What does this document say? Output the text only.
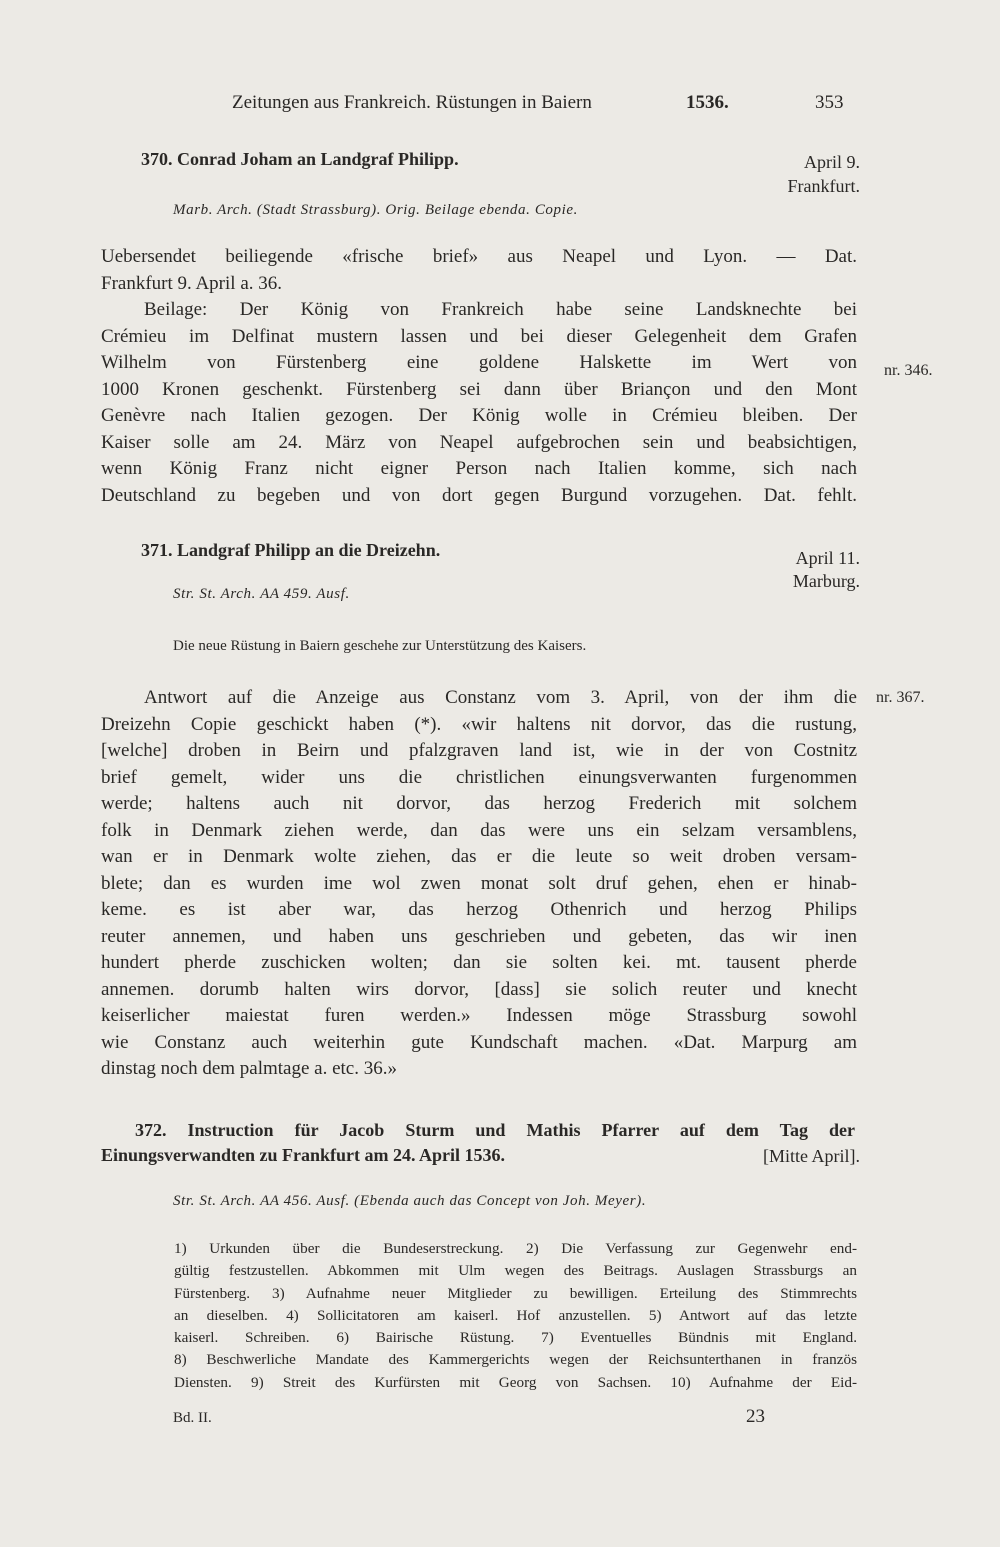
Zeitungen aus Frankreich. Rüstungen in Baiern	1536.	353
370. Conrad Joham an Landgraf Philipp.	April 9.
Frankfurt.
Marb. Arch. (Stadt Strassburg). Orig. Beilage ebenda. Copie.
Uebersendet beiliegende «frische brief» aus Neapel und Lyon. — Dat.
Frankfurt 9. April a. 36.
Beilage: Der König von Frankreich habe seine Landsknechte bei
Crémieu im Delfinat mustern lassen und bei dieser Gelegenheit dem Grafen
Wilhelm von Fürstenberg eine goldene Halskette im Wert von
1000 Kronen geschenkt. Fürstenberg sei dann über Briançon und den Mont
Genèvre nach Italien gezogen. Der König wolle in Crémieu bleiben. Der
Kaiser solle am 24. März von Neapel aufgebrochen sein und beabsichtigen,
wenn König Franz nicht eigner Person nach Italien komme, sich nach
Deutschland zu begeben und von dort gegen Burgund vorzugehen. Dat. fehlt.
nr. 346.
371. Landgraf Philipp an die Dreizehn.	April 11.
Marburg.
Str. St. Arch. AA 459. Ausf.
Die neue Rüstung in Baiern geschehe zur Unterstützung des Kaisers.
Antwort auf die Anzeige aus Constanz vom 3. April, von der ihm die
Dreizehn Copie geschickt haben (*). «wir haltens nit dorvor, das die rustung,
[welche] droben in Beirn und pfalzgraven land ist, wie in der von Costnitz
brief gemelt, wider uns die christlichen einungsverwanten furgenommen
werde; haltens auch nit dorvor, das herzog Frederich mit solchem
folk in Denmark ziehen werde, dan das were uns ein selzam versamblens,
wan er in Denmark wolte ziehen, das er die leute so weit droben versam-
blete; dan es wurden ime wol zwen monat solt druf gehen, ehen er hinab-
keme. es ist aber war, das herzog Othenrich und herzog Philips
reuter annemen, und haben uns geschrieben und gebeten, das wir inen
hundert pherde zuschicken wolten; dan sie solten kei. mt. tausent pherde
annemen. dorumb halten wirs dorvor, [dass] sie solich reuter und knecht
keiserlicher maiestat furen werden.» Indessen möge Strassburg sowohl
wie Constanz auch weiterhin gute Kundschaft machen. «Dat. Marpurg am
dinstag noch dem palmtage a. etc. 36.»
nr. 367.
372. Instruction für Jacob Sturm und Mathis Pfarrer auf dem Tag der
Einungsverwandten zu Frankfurt am 24. April 1536.	[Mitte April].
Str. St. Arch. AA 456. Ausf. (Ebenda auch das Concept von Joh. Meyer).
1) Urkunden über die Bundeserstreckung. 2) Die Verfassung zur Gegenwehr end-
gültig festzustellen. Abkommen mit Ulm wegen des Beitrags. Auslagen Strassburgs an
Fürstenberg. 3) Aufnahme neuer Mitglieder zu bewilligen. Erteilung des Stimmrechts
an dieselben. 4) Sollicitatoren am kaiserl. Hof anzustellen. 5) Antwort auf das letzte
kaiserl. Schreiben. 6) Bairische Rüstung. 7) Eventuelles Bündnis mit England.
8) Beschwerliche Mandate des Kammergerichts wegen der Reichsunterthanen in französ
Diensten. 9) Streit des Kurfürsten mit Georg von Sachsen. 10) Aufnahme der Eid-
Bd. II.	23
